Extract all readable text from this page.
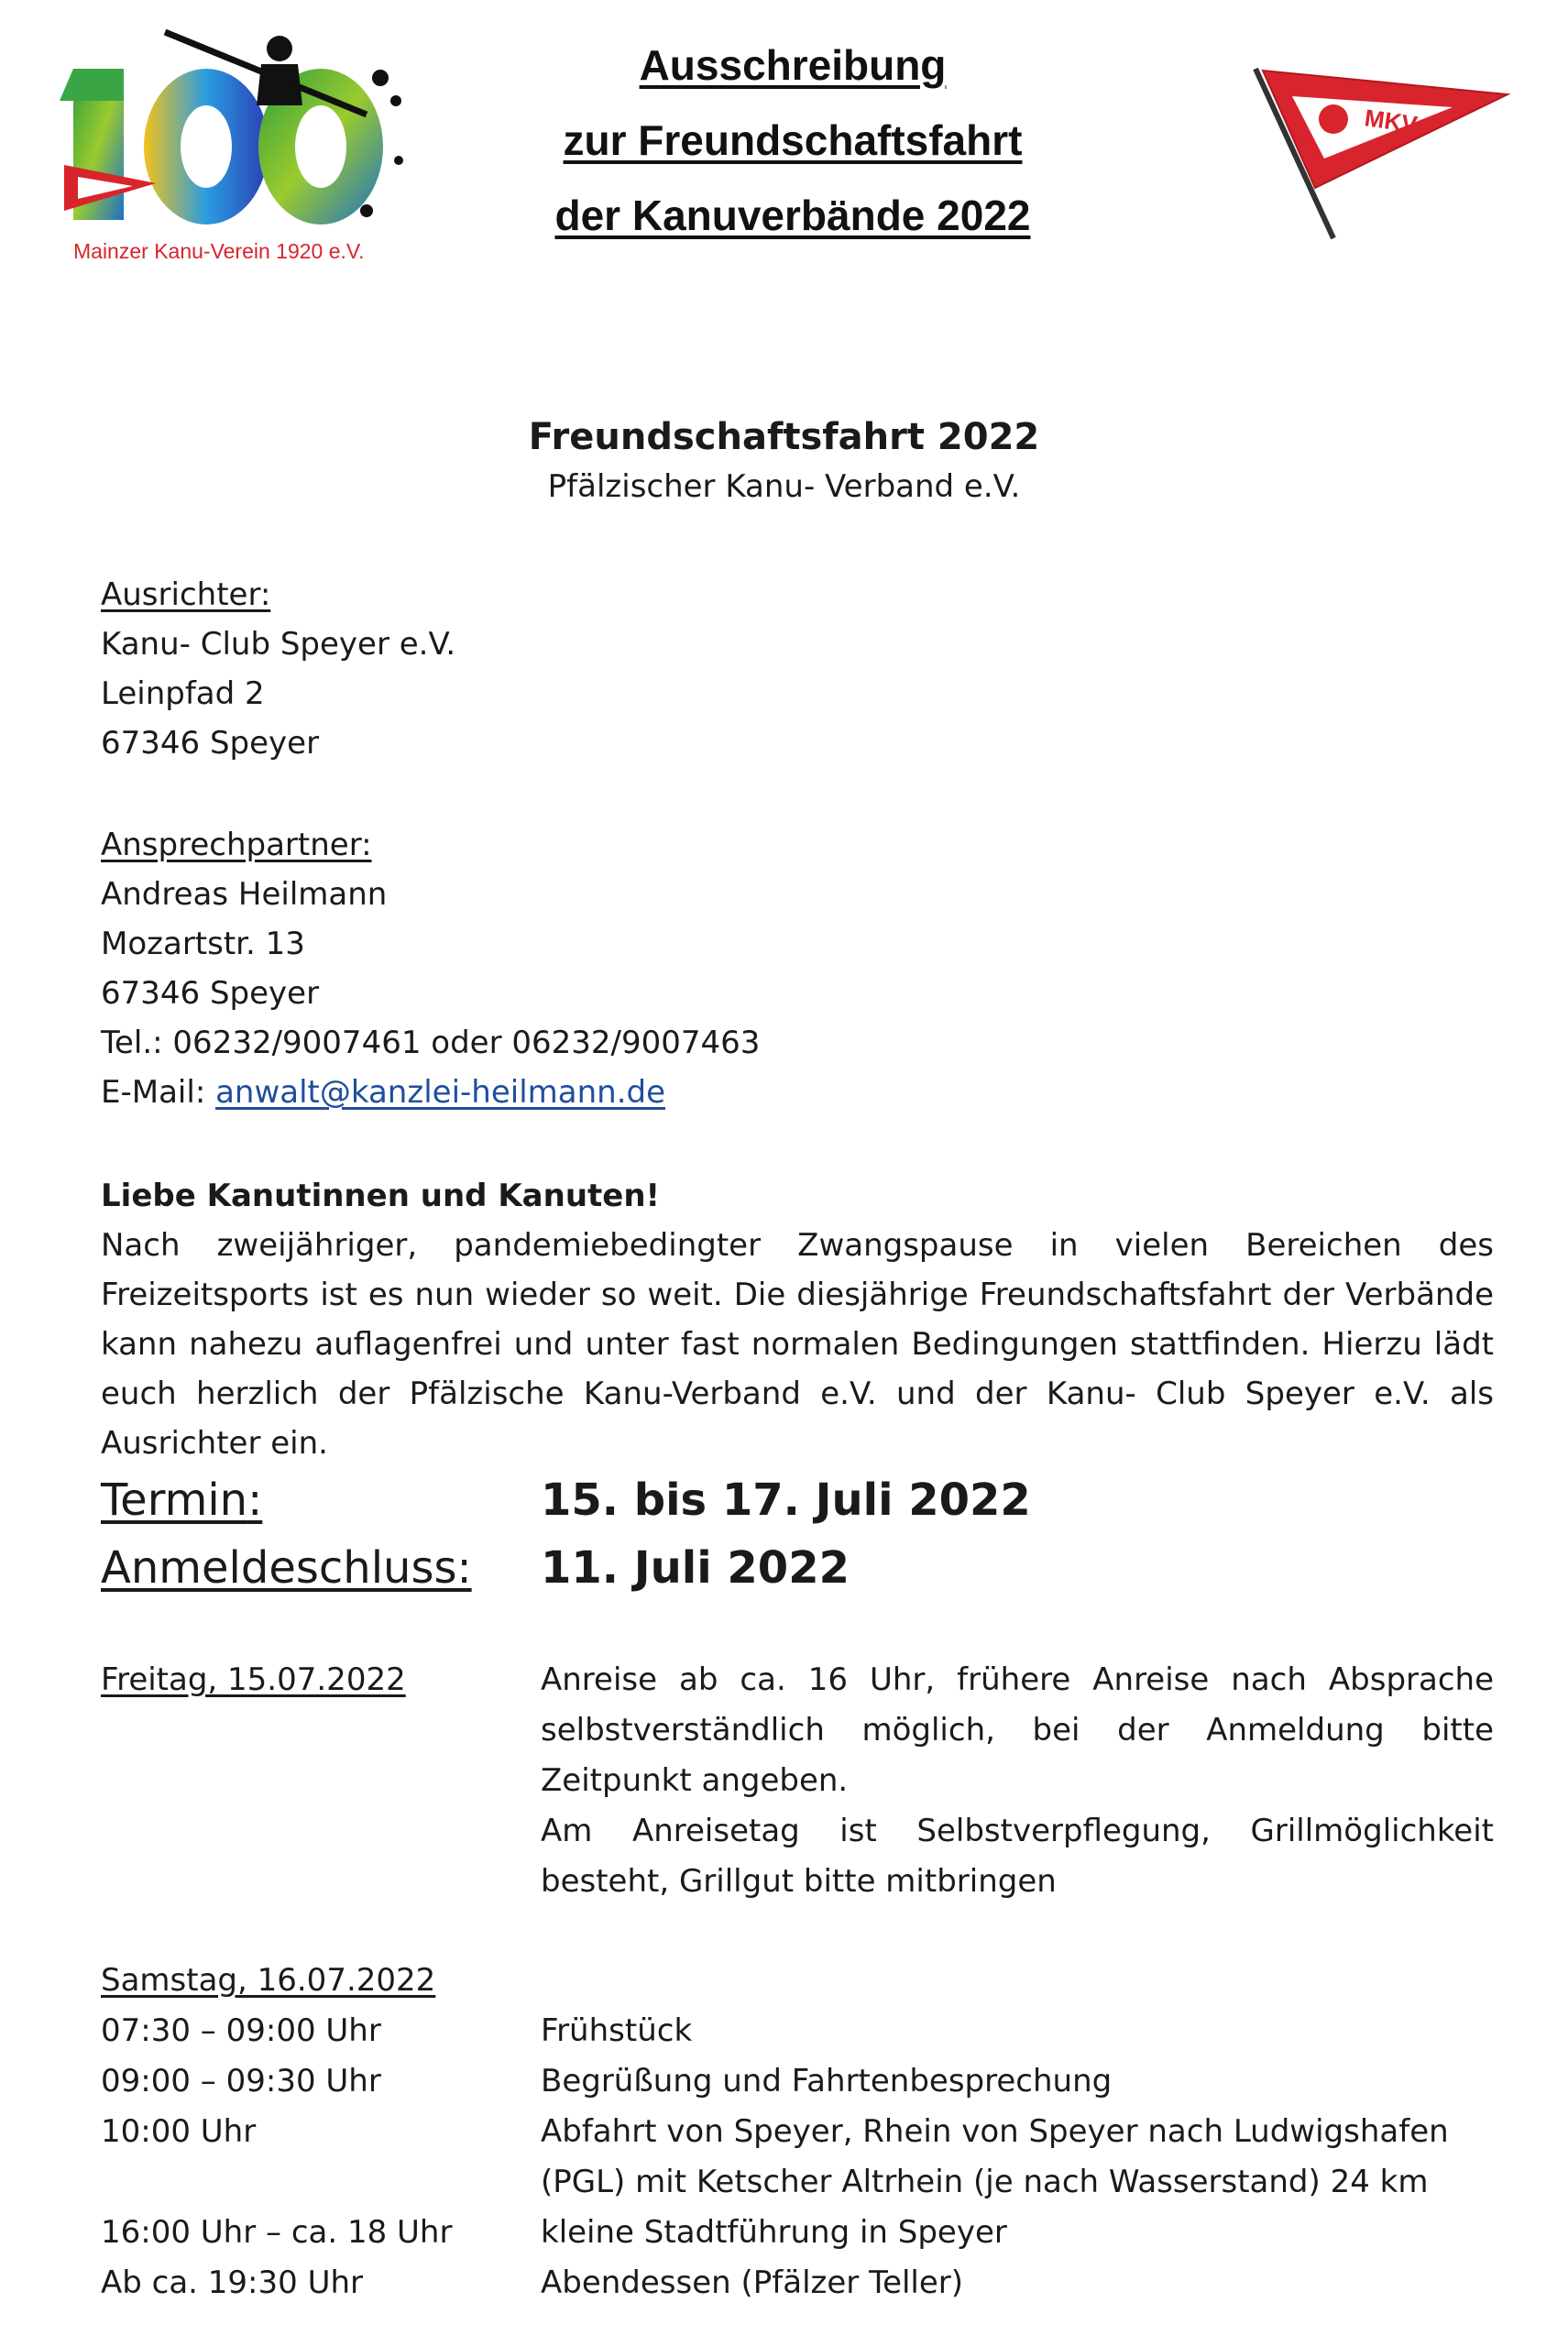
Mainzer Kanu-Verein 1920 e.V.
Ausschreibung
zur Freundschaftsfahrt
der Kanuverbände 2022
MKV
Freundschaftsfahrt 2022
Pfälzischer Kanu- Verband e.V.
Ausrichter:
Kanu- Club Speyer e.V.
Leinpfad 2
67346 Speyer
Ansprechpartner:
Andreas Heilmann
Mozartstr. 13
67346 Speyer
Tel.: 06232/9007461 oder 06232/9007463
E-Mail: anwalt@kanzlei-heilmann.de
Liebe Kanutinnen und Kanuten!
Nach zweijähriger, pandemiebedingter Zwangspause in vielen Bereichen des Freizeitsports ist es nun wieder so weit. Die diesjährige Freundschaftsfahrt der Verbände kann nahezu auflagenfrei und unter fast normalen Bedingungen stattfinden. Hierzu lädt euch herzlich der Pfälzische Kanu-Verband e.V. und der Kanu- Club Speyer e.V. als Ausrichter ein.
Termin:	15. bis 17. Juli 2022
Anmeldeschluss: 11. Juli 2022
Freitag, 15.07.2022	Anreise ab ca. 16 Uhr, frühere Anreise nach Absprache selbstverständlich möglich, bei der Anmeldung bitte Zeitpunkt angeben.
Am Anreisetag ist Selbstverpflegung, Grillmöglichkeit besteht, Grillgut bitte mitbringen
Samstag, 16.07.2022
07:30 – 09:00 Uhr	Frühstück
09:00 – 09:30 Uhr	Begrüßung und Fahrtenbesprechung
10:00 Uhr	Abfahrt von Speyer, Rhein von Speyer nach Ludwigshafen (PGL) mit Ketscher Altrhein (je nach Wasserstand) 24 km
16:00 Uhr – ca. 18 Uhr	kleine Stadtführung in Speyer
Ab ca. 19:30 Uhr	Abendessen (Pfälzer Teller)
